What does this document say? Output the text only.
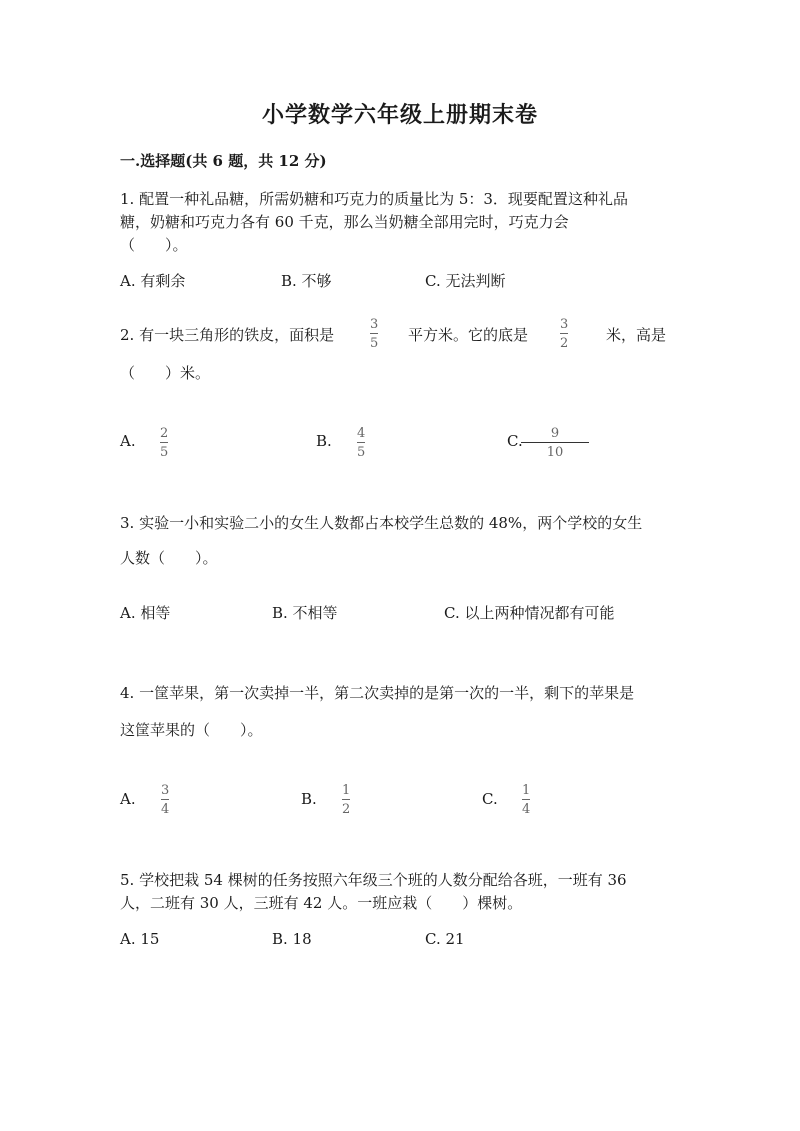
小学数学六年级上册期末卷
一.选择题(共 6 题，共 12 分)
1. 配置一种礼品糖，所需奶糖和巧克力的质量比为 5：3．现要配置这种礼品
糖，奶糖和巧克力各有 60 千克，那么当奶糖全部用完时，巧克力会
（　　）。
A. 有剩余	B. 不够	C. 无法判断
2. 有一块三角形的铁皮，面积是
3
5 平方米。它的底是
3
2	米，高是
（　　）米。
A. 2
5
B. 4
5
C. 9
10
3. 实验一小和实验二小的女生人数都占本校学生总数的 48%，两个学校的女生
人数（　　）。
A. 相等	B. 不相等	C. 以上两种情况都有可能
4. 一筐苹果，第一次卖掉一半，第二次卖掉的是第一次的一半，剩下的苹果是
这筐苹果的（　　）。
A. 3
4
B. 1
2
C. 1
4
5. 学校把栽 54 棵树的任务按照六年级三个班的人数分配给各班，一班有 36
人，二班有 30 人，三班有 42 人。一班应栽（　　）棵树。
A. 15	B. 18	C. 21
